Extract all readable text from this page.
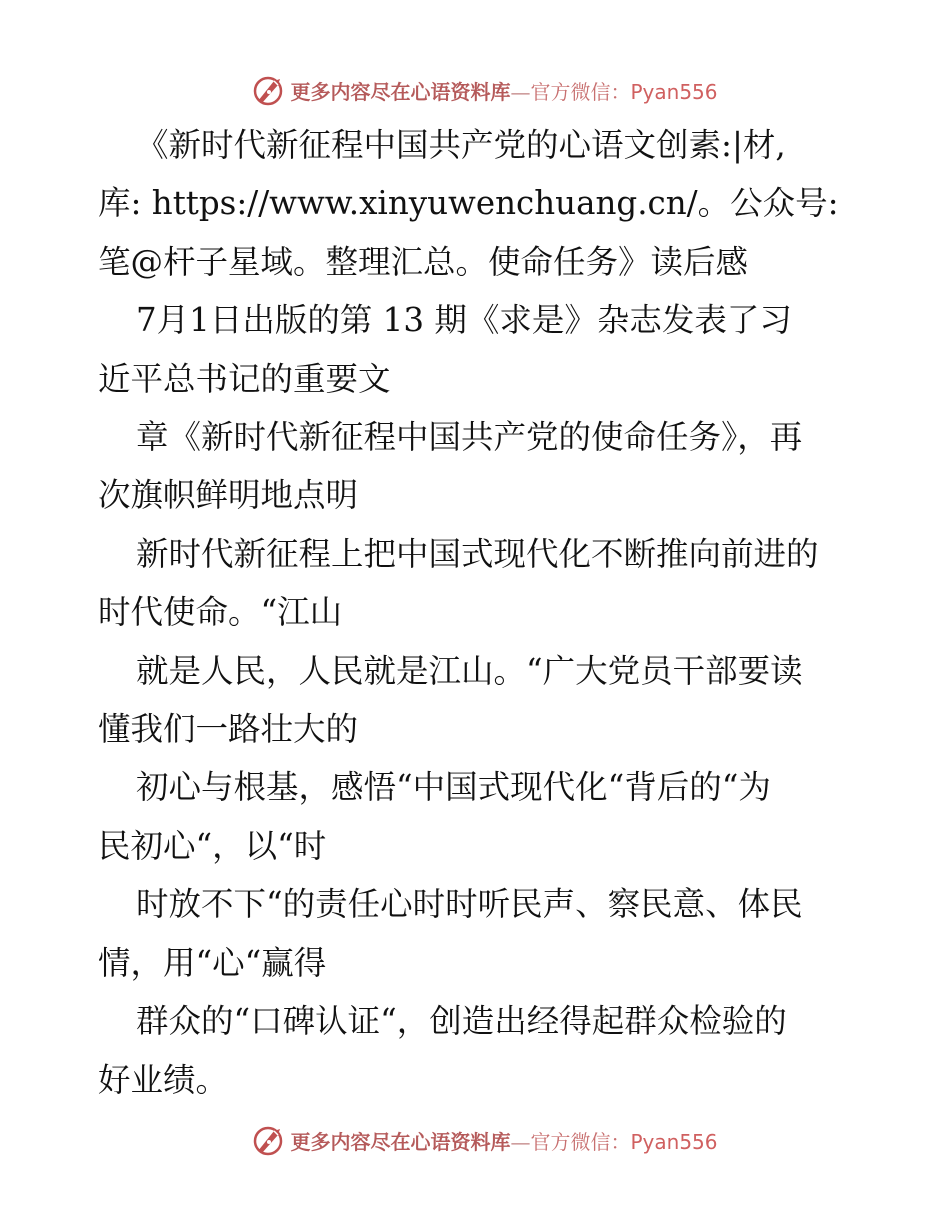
更多内容尽在心语资料库—官方微信：Pyan556
《新时代新征程中国共产党的心语文创素:|材,
库: https://www.xinyuwenchuang.cn/。公众号:
笔@杆子星域。整理汇总。使命任务》读后感
7月1日出版的第 13 期《求是》杂志发表了习
近平总书记的重要文
章《新时代新征程中国共产党的使命任务》，再
次旗帜鲜明地点明
新时代新征程上把中国式现代化不断推向前进的
时代使命。“江山
就是人民，人民就是江山。“广大党员干部要读
懂我们一路壮大的
初心与根基，感悟“中国式现代化“背后的“为
民初心“，以“时
时放不下“的责任心时时听民声、察民意、体民
情，用“心“赢得
群众的“口碑认证“，创造出经得起群众检验的
好业绩。
更多内容尽在心语资料库—官方微信：Pyan556
